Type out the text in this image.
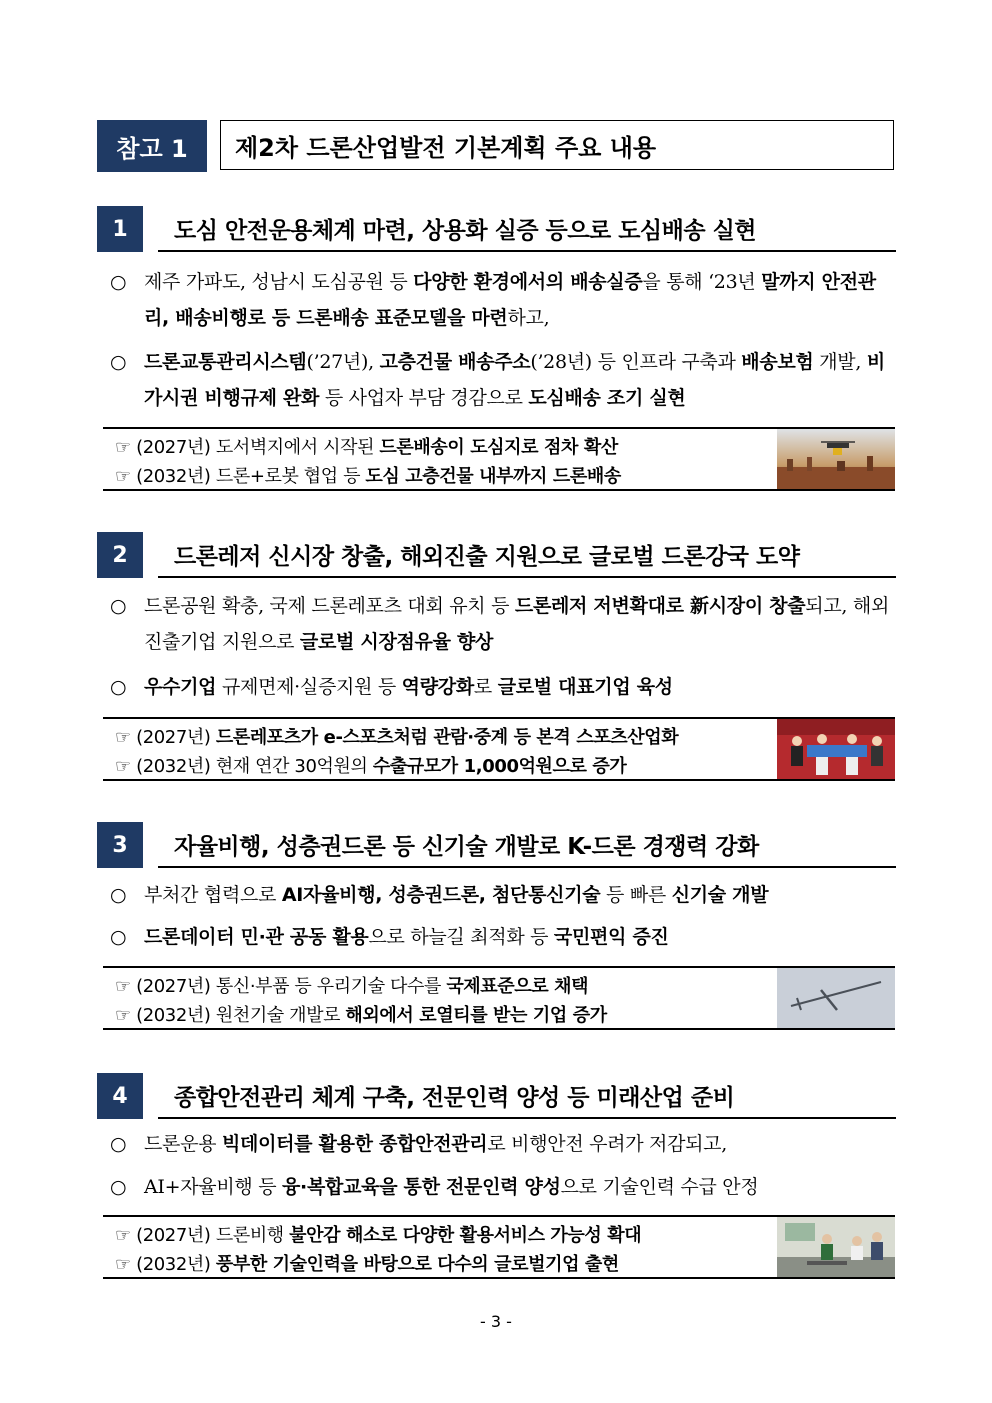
참고 1	제2차 드론산업발전 기본계획 주요 내용
1	도심 안전운용체계 마련, 상용화 실증 등으로 도심배송 실현
○ 제주 가파도, 성남시 도심공원 등 다양한 환경에서의 배송실증을 통해 ‘23년 말까지 안전관리, 배송비행로 등 드론배송 표준모델을 마련하고,
○ 드론교통관리시스템(’27년), 고층건물 배송주소(’28년) 등 인프라 구축과 배송보험 개발, 비가시권 비행규제 완화 등 사업자 부담 경감으로 도심배송 조기 실현
☞ (2027년) 도서벽지에서 시작된 드론배송이 도심지로 점차 확산
☞ (2032년) 드론+로봇 협업 등 도심 고층건물 내부까지 드론배송
2	드론레저 신시장 창출, 해외진출 지원으로 글로벌 드론강국 도약
○ 드론공원 확충, 국제 드론레포츠 대회 유치 등 드론레저 저변확대로 新시장이 창출되고, 해외 진출기업 지원으로 글로벌 시장점유율 향상
○ 우수기업 규제면제·실증지원 등 역량강화로 글로벌 대표기업 육성
☞ (2027년) 드론레포츠가 e-스포츠처럼 관람·중계 등 본격 스포츠산업화
☞ (2032년) 현재 연간 30억원의 수출규모가 1,000억원으로 증가
3	자율비행, 성층권드론 등 신기술 개발로 K-드론 경쟁력 강화
○ 부처간 협력으로 AI자율비행, 성층권드론, 첨단통신기술 등 빠른 신기술 개발
○ 드론데이터 민·관 공동 활용으로 하늘길 최적화 등 국민편익 증진
☞ (2027년) 통신·부품 등 우리기술 다수를 국제표준으로 채택
☞ (2032년) 원천기술 개발로 해외에서 로열티를 받는 기업 증가
4	종합안전관리 체계 구축, 전문인력 양성 등 미래산업 준비
○ 드론운용 빅데이터를 활용한 종합안전관리로 비행안전 우려가 저감되고,
○ AI+자율비행 등 융·복합교육을 통한 전문인력 양성으로 기술인력 수급 안정
☞ (2027년) 드론비행 불안감 해소로 다양한 활용서비스 가능성 확대
☞ (2032년) 풍부한 기술인력을 바탕으로 다수의 글로벌기업 출현
- 3 -
